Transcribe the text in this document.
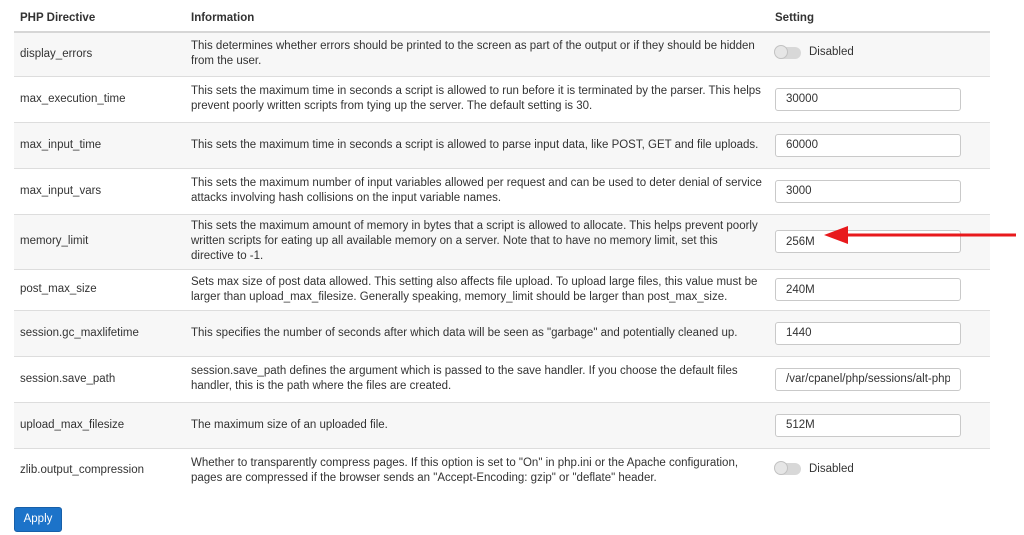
PHP Directive	Information	Setting
display_errors	This determines whether errors should be printed to the screen as part of the output or if they should be hidden from the user.	Disabled

max_execution_time	This sets the maximum time in seconds a script is allowed to run before it is terminated by the parser. This helps prevent poorly written scripts from tying up the server. The default setting is 30.	30000
max_input_time	This sets the maximum time in seconds a script is allowed to parse input data, like POST, GET and file uploads.	60000
max_input_vars	This sets the maximum number of input variables allowed per request and can be used to deter denial of service attacks involving hash collisions on the input variable names.	3000
memory_limit	This sets the maximum amount of memory in bytes that a script is allowed to allocate. This helps prevent poorly written scripts for eating up all available memory on a server. Note that to have no memory limit, set this directive to -1.	256M
post_max_size	Sets max size of post data allowed. This setting also affects file upload. To upload large files, this value must be larger than upload_max_filesize. Generally speaking, memory_limit should be larger than post_max_size.	240M
session.gc_maxlifetime	This specifies the number of seconds after which data will be seen as "garbage" and potentially cleaned up.	1440
session.save_path	session.save_path defines the argument which is passed to the save handler. If you choose the default files handler, this is the path where the files are created.	/var/cpanel/php/sessions/alt-php74
upload_max_filesize	The maximum size of an uploaded file.	512M
zlib.output_compression	Whether to transparently compress pages. If this option is set to "On" in php.ini or the Apache configuration, pages are compressed if the browser sends an "Accept-Encoding: gzip" or "deflate" header.	Disabled
Apply
